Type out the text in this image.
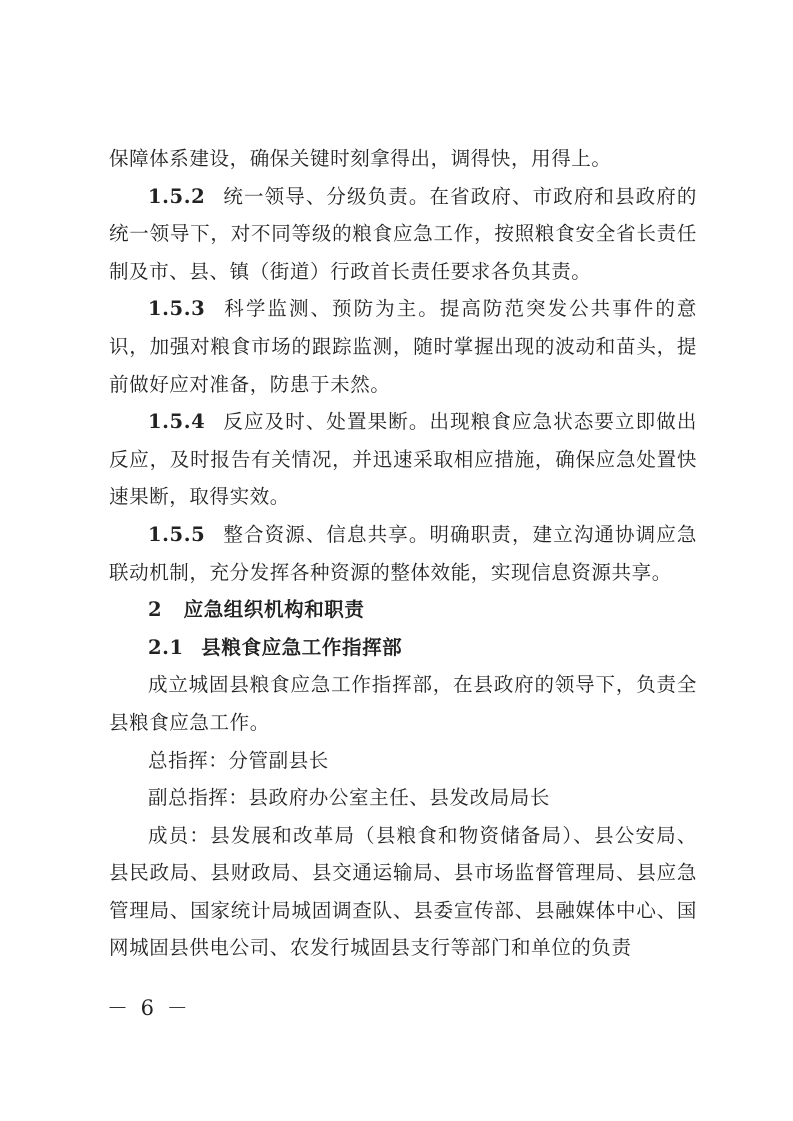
保障体系建设，确保关键时刻拿得出，调得快，用得上。

1.5.2 统一领导、分级负责。在省政府、市政府和县政府的统一领导下，对不同等级的粮食应急工作，按照粮食安全省长责任制及市、县、镇（街道）行政首长责任要求各负其责。

1.5.3 科学监测、预防为主。提高防范突发公共事件的意识，加强对粮食市场的跟踪监测，随时掌握出现的波动和苗头，提前做好应对准备，防患于未然。

1.5.4 反应及时、处置果断。出现粮食应急状态要立即做出反应，及时报告有关情况，并迅速采取相应措施，确保应急处置快速果断，取得实效。

1.5.5 整合资源、信息共享。明确职责，建立沟通协调应急联动机制，充分发挥各种资源的整体效能，实现信息资源共享。

2 应急组织机构和职责

2.1 县粮食应急工作指挥部

成立城固县粮食应急工作指挥部，在县政府的领导下，负责全县粮食应急工作。

总指挥：分管副县长

副总指挥：县政府办公室主任、县发改局局长

成员：县发展和改革局（县粮食和物资储备局）、县公安局、县民政局、县财政局、县交通运输局、县市场监督管理局、县应急管理局、国家统计局城固调查队、县委宣传部、县融媒体中心、国网城固县供电公司、农发行城固县支行等部门和单位的负责

－ 6 －
